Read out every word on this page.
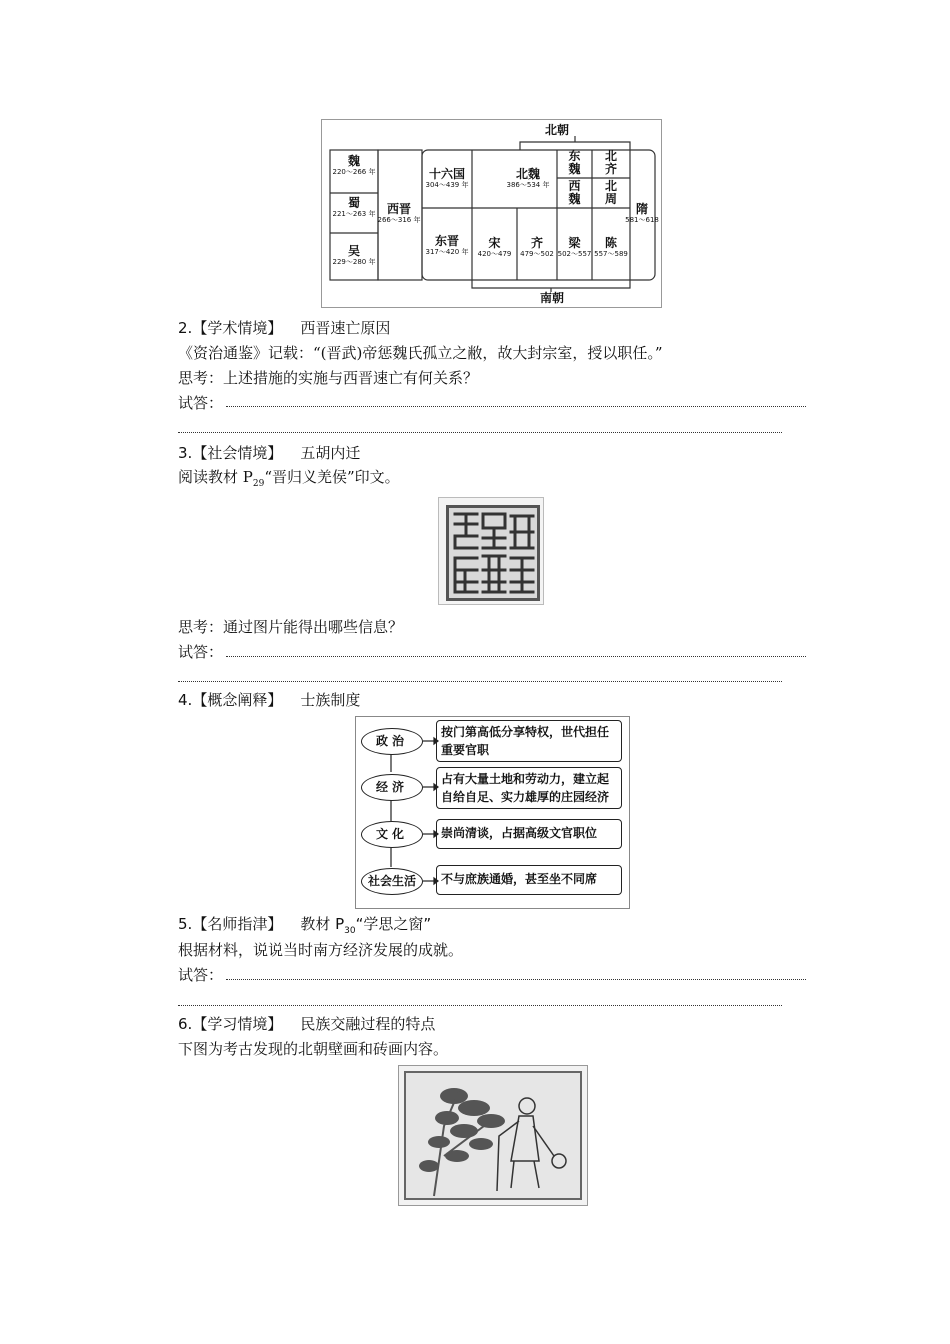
北朝
南朝
魏
220～266 年
蜀
221～263 年
吴
229～280 年
西晋
266～316 年
十六国
304～439 年
东晋
317～420 年
北魏
386～534 年
东
魏
西
魏
北
齐
北
周
宋
420～479
齐
479～502
梁
502～557
陈
557～589
隋
581～618
2.【学术情境】 西晋速亡原因
《资治通鉴》记载：“(晋武)帝惩魏氏孤立之敝，故大封宗室，授以职任。”
思考：上述措施的实施与西晋速亡有何关系？
试答：
3.【社会情境】 五胡内迁
阅读教材 $P_{29}“$晋归义羌侯”印文。
思考：通过图片能得出哪些信息？
试答：
4.【概念阐释】 士族制度
政治
按门第高低分享特权，世代担任重要官职
经济
占有大量土地和劳动力，建立起自给自足、实力雄厚的庄园经济
文化	崇尚清谈，占据高级文官职位
社会生活	不与庶族通婚，甚至坐不同席
5.【名师指津】 教材 $P_{30}“$学思之窗”
根据材料，说说当时南方经济发展的成就。
试答：
6.【学习情境】 民族交融过程的特点
下图为考古发现的北朝壁画和砖画内容。
